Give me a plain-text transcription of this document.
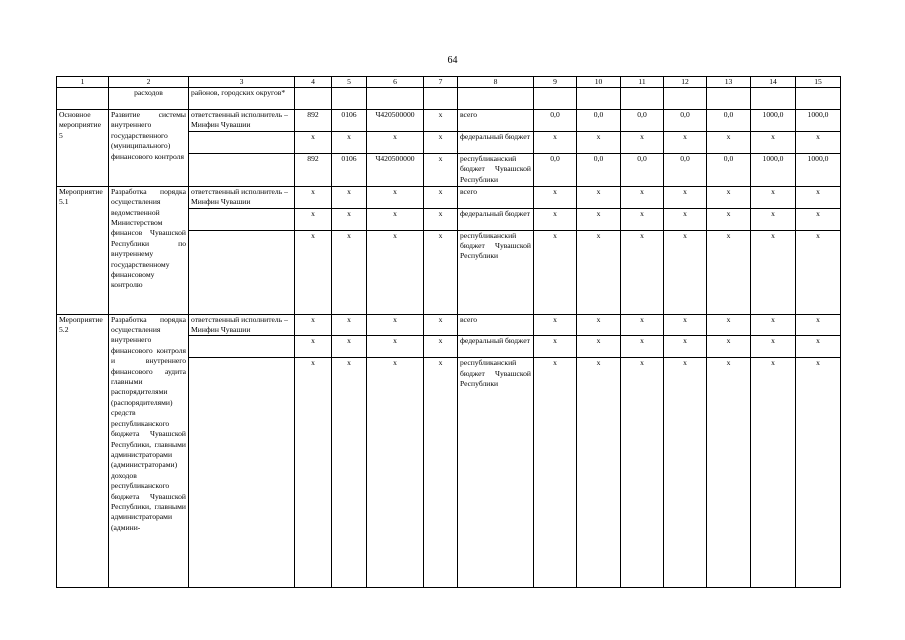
64
1	2	3	4	5	6	7	8	9	10	11	12	13	14	15
	расходов	районов, городских округов*												
Основное мероприятие 5	Развитие системы внутреннего государственного (муниципального) финансового контроля	ответственный исполнитель – Минфин Чувашии	892	0106	Ч420500000	x	всего	0,0	0,0	0,0	0,0	0,0	1000,0	1000,0
			x	x	x	x	федеральный бюджет	x	x	x	x	x	x	x
			892	0106	Ч420500000	x	республиканский бюджет Чувашской Республики	0,0	0,0	0,0	0,0	0,0	1000,0	1000,0
Мероприятие 5.1	Разработка порядка осуществления ведомственной Министерством финансов Чувашской Республики по внутреннему государственному финансовому контролю	ответственный исполнитель – Минфин Чувашии	x	x	x	x	всего	x	x	x	x	x	x	x
			x	x	x	x	федеральный бюджет	x	x	x	x	x	x	x
			x	x	x	x	республиканский бюджет Чувашской Республики	x	x	x	x	x	x	x
Мероприятие 5.2	Разработка порядка осуществления внутреннего финансового контроля и внутреннего финансового аудита главными распорядителями (распорядителями) средств республиканского бюджета Чувашской Республики, главными администраторами (администраторами) доходов республиканского бюджета Чувашской Республики, главными администраторами (админи-	ответственный исполнитель – Минфин Чувашии	x	x	x	x	всего	x	x	x	x	x	x	x
			x	x	x	x	федеральный бюджет	x	x	x	x	x	x	x
			x	x	x	x	республиканский бюджет Чувашской Республики	x	x	x	x	x	x	x
